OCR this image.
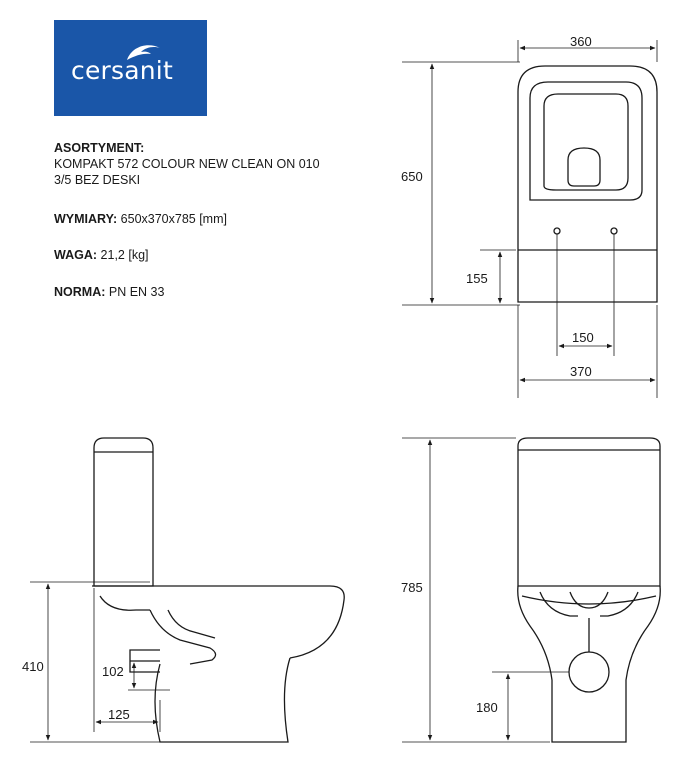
cersanit
ASORTYMENT:
KOMPAKT 572 COLOUR NEW CLEAN ON 010
3/5 BEZ DESKI
WYMIARY: 650x370x785 [mm]
WAGA: 21,2 [kg]
NORMA: PN EN 33
360
650
155
150
370
785
410	102
125	180
